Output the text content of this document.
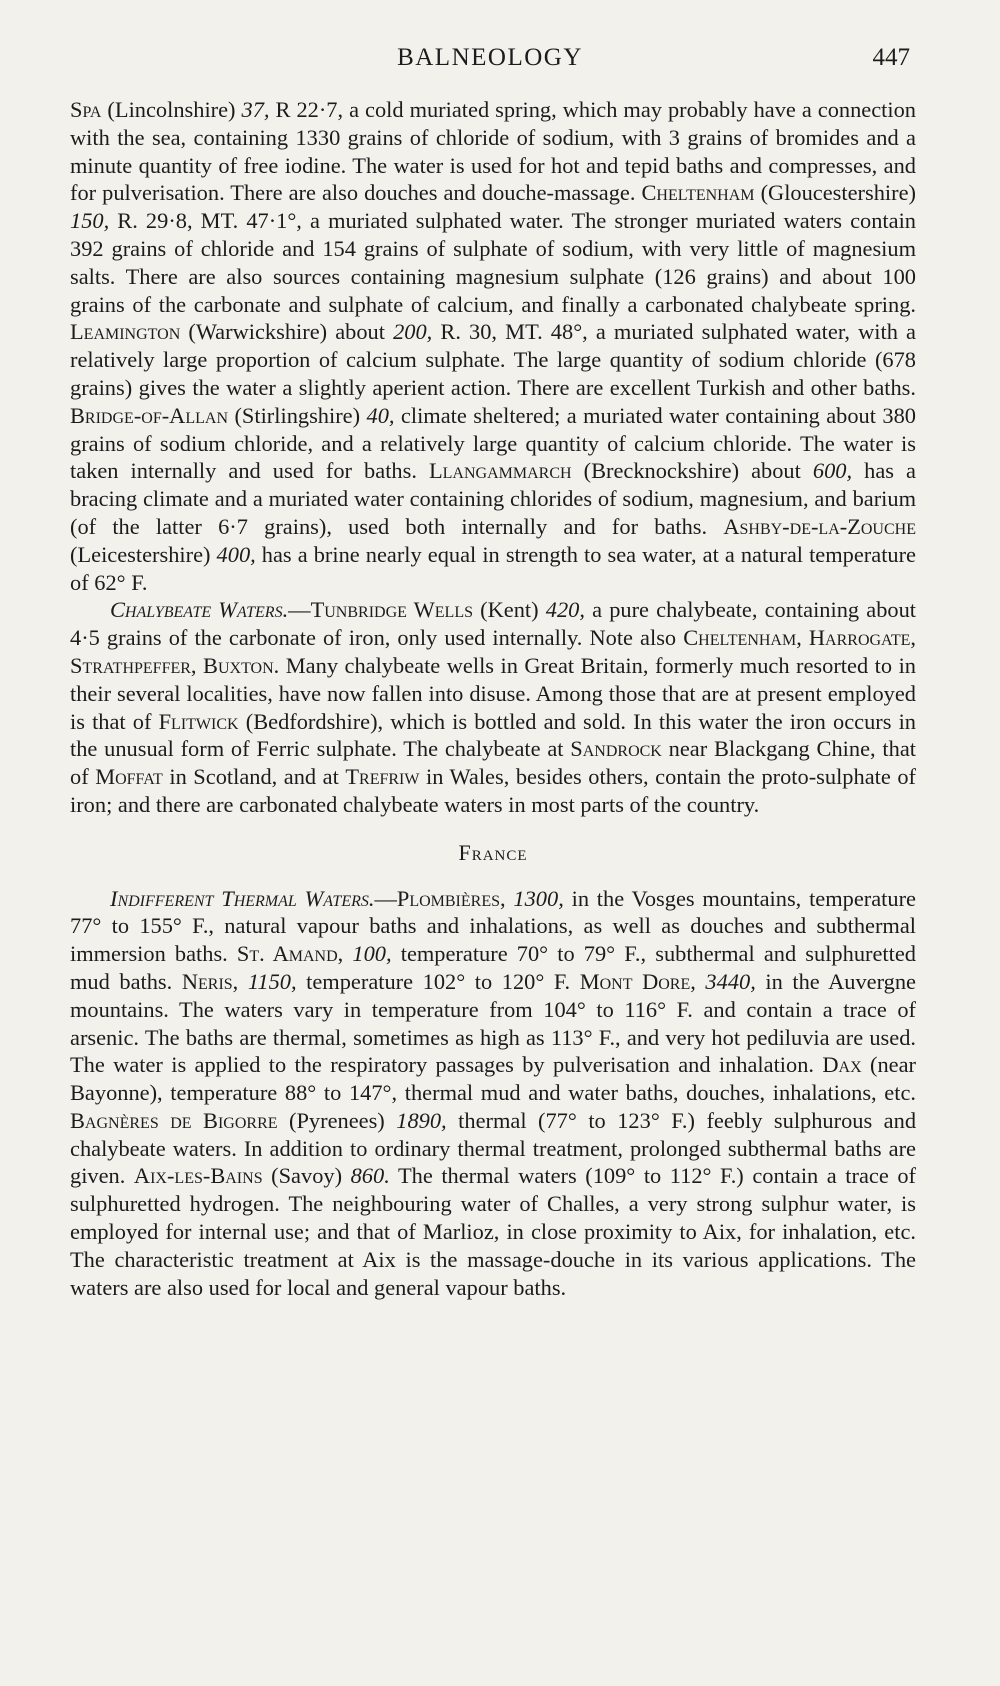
BALNEOLOGY	447

Spa (Lincolnshire) 37, R 22·7, a cold muriated spring, which may probably have a connection with the sea, containing 1330 grains of chloride of sodium, with 3 grains of bromides and a minute quantity of free iodine. The water is used for hot and tepid baths and compresses, and for pulverisation. There are also douches and douche-massage. Cheltenham (Gloucestershire) 150, R. 29·8, MT. 47·1°, a muriated sulphated water. The stronger muriated waters contain 392 grains of chloride and 154 grains of sulphate of sodium, with very little of magnesium salts. There are also sources containing magnesium sulphate (126 grains) and about 100 grains of the carbonate and sulphate of calcium, and finally a carbonated chalybeate spring. Leamington (Warwickshire) about 200, R. 30, MT. 48°, a muriated sulphated water, with a relatively large proportion of calcium sulphate. The large quantity of sodium chloride (678 grains) gives the water a slightly aperient action. There are excellent Turkish and other baths. Bridge-of-Allan (Stirlingshire) 40, climate sheltered; a muriated water containing about 380 grains of sodium chloride, and a relatively large quantity of calcium chloride. The water is taken internally and used for baths. Llangammarch (Brecknockshire) about 600, has a bracing climate and a muriated water containing chlorides of sodium, magnesium, and barium (of the latter 6·7 grains), used both internally and for baths. Ashby-de-la-Zouche (Leicestershire) 400, has a brine nearly equal in strength to sea water, at a natural temperature of 62° F.

Chalybeate Waters.—Tunbridge Wells (Kent) 420, a pure chalybeate, containing about 4·5 grains of the carbonate of iron, only used internally. Note also Cheltenham, Harrogate, Strathpeffer, Buxton. Many chalybeate wells in Great Britain, formerly much resorted to in their several localities, have now fallen into disuse. Among those that are at present employed is that of Flitwick (Bedfordshire), which is bottled and sold. In this water the iron occurs in the unusual form of Ferric sulphate. The chalybeate at Sandrock near Blackgang Chine, that of Moffat in Scotland, and at Trefriw in Wales, besides others, contain the proto-sulphate of iron; and there are carbonated chalybeate waters in most parts of the country.

France

Indifferent Thermal Waters.—Plombières, 1300, in the Vosges mountains, temperature 77° to 155° F., natural vapour baths and inhalations, as well as douches and subthermal immersion baths. St. Amand, 100, temperature 70° to 79° F., subthermal and sulphuretted mud baths. Neris, 1150, temperature 102° to 120° F. Mont Dore, 3440, in the Auvergne mountains. The waters vary in temperature from 104° to 116° F. and contain a trace of arsenic. The baths are thermal, sometimes as high as 113° F., and very hot pediluvia are used. The water is applied to the respiratory passages by pulverisation and inhalation. Dax (near Bayonne), temperature 88° to 147°, thermal mud and water baths, douches, inhalations, etc. Bagnères de Bigorre (Pyrenees) 1890, thermal (77° to 123° F.) feebly sulphurous and chalybeate waters. In addition to ordinary thermal treatment, prolonged subthermal baths are given. Aix-les-Bains (Savoy) 860. The thermal waters (109° to 112° F.) contain a trace of sulphuretted hydrogen. The neighbouring water of Challes, a very strong sulphur water, is employed for internal use; and that of Marlioz, in close proximity to Aix, for inhalation, etc. The characteristic treatment at Aix is the massage-douche in its various applications. The waters are also used for local and general vapour baths.
